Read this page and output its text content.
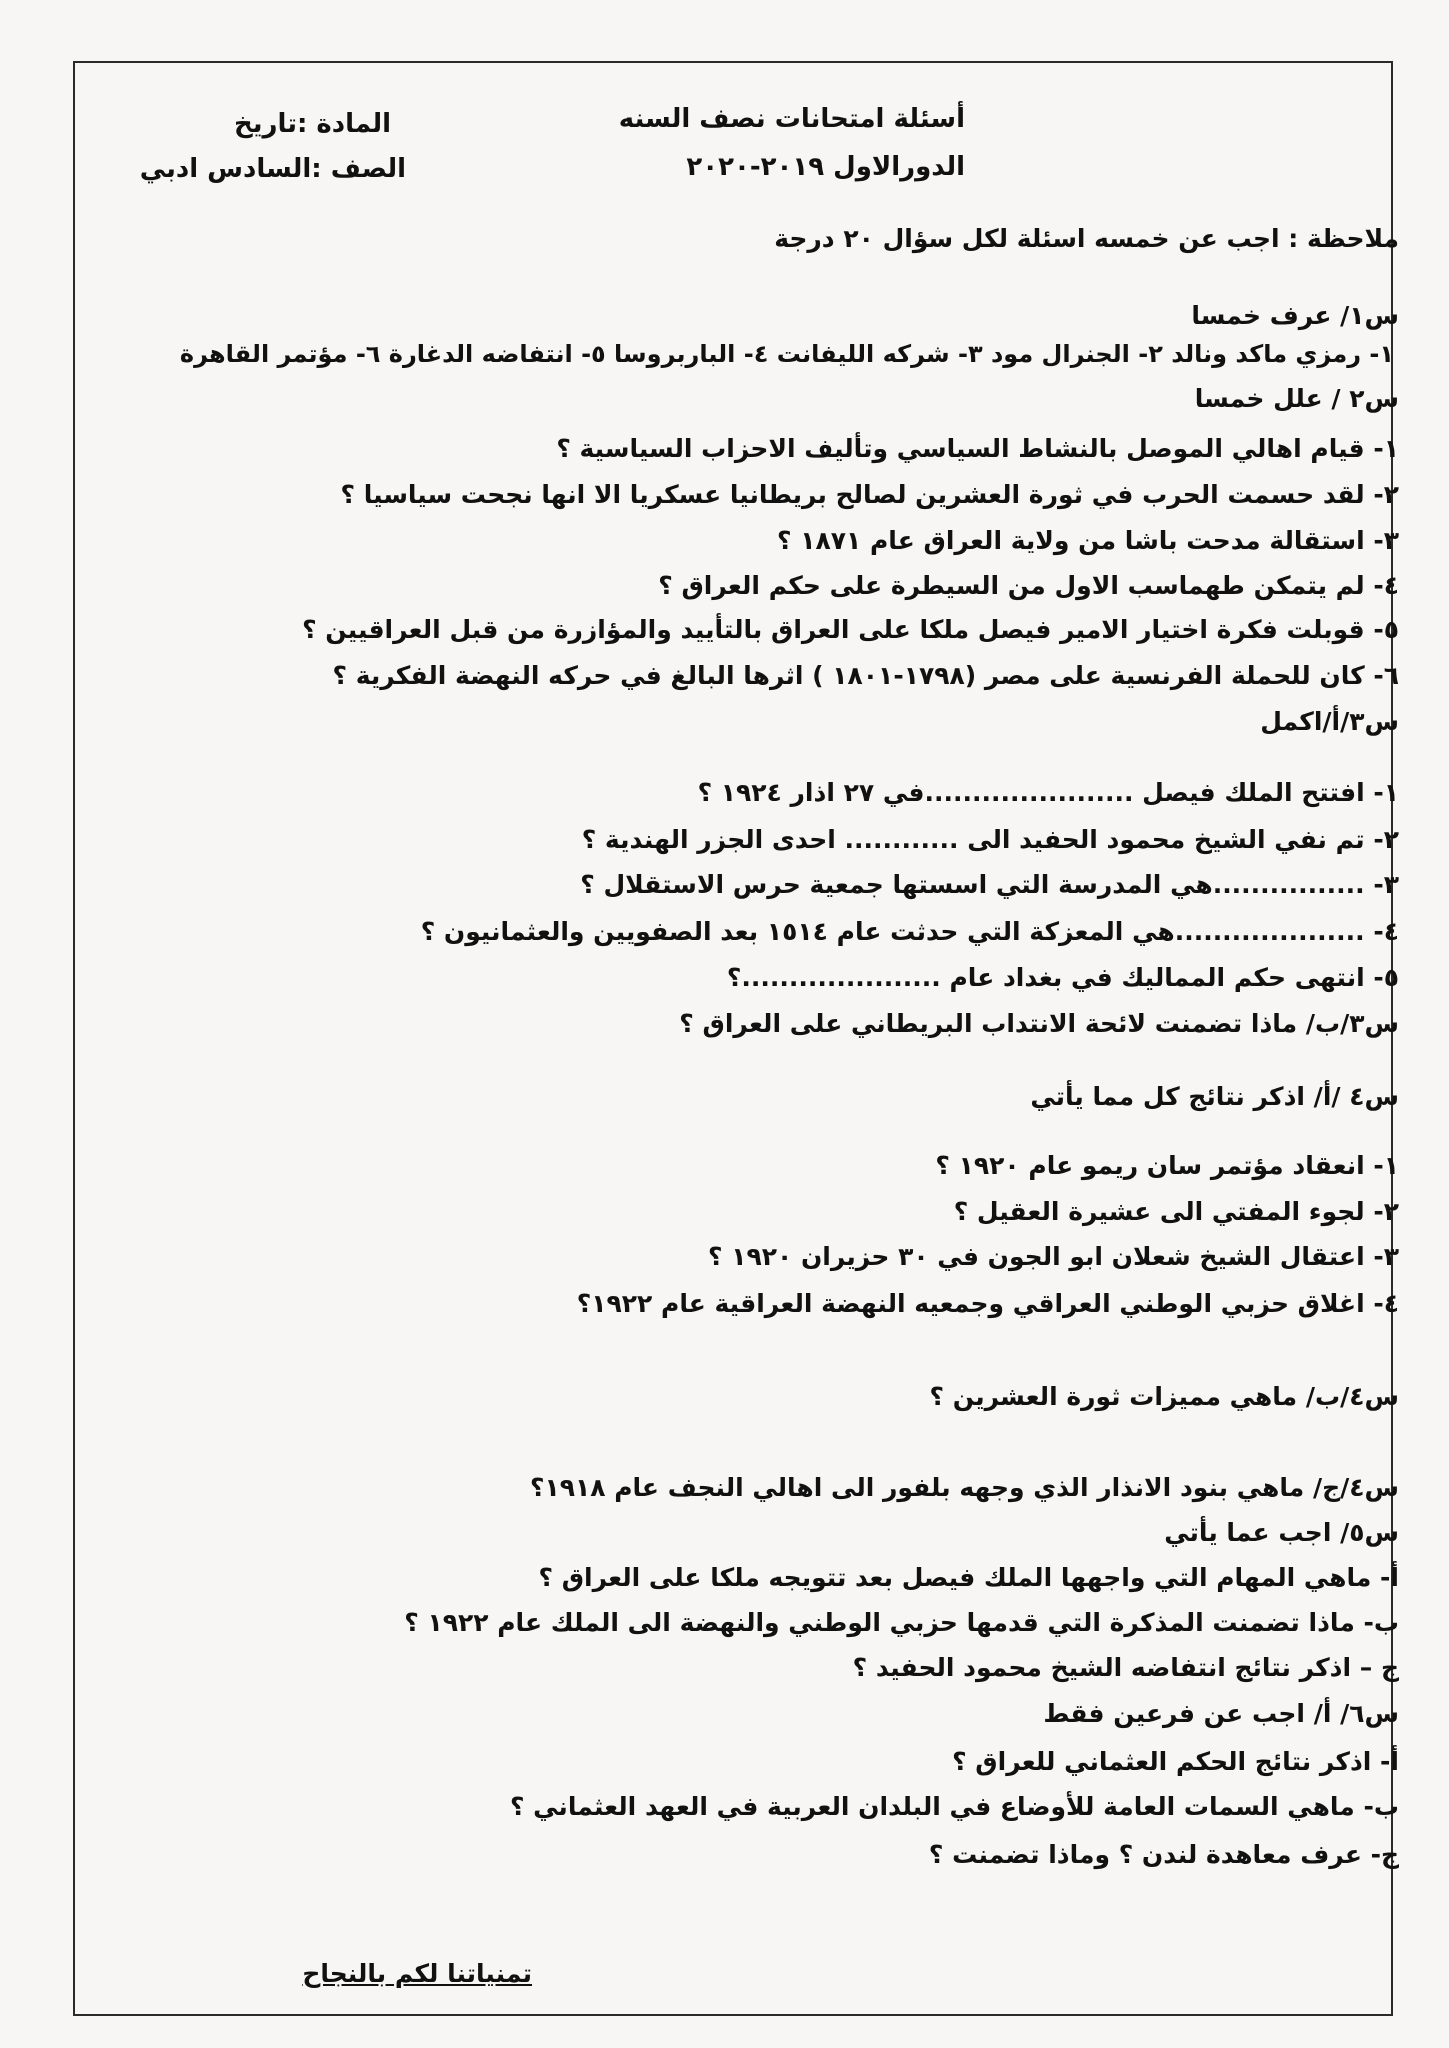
أسئلة امتحانات نصف السنه
الدورالاول ٢٠١٩-٢٠٢٠
المادة :تاريخ
الصف :السادس ادبي
ملاحظة : اجب عن خمسه اسئلة لكل سؤال ٢٠ درجة
س١/ عرف خمسا
١- رمزي ماكد ونالد ٢- الجنرال مود ٣- شركه الليفانت ٤- الباربروسا ٥- انتفاضه الدغارة ٦- مؤتمر القاهرة
س٢ / علل خمسا
١- قيام اهالي الموصل بالنشاط السياسي وتأليف الاحزاب السياسية ؟
٢- لقد حسمت الحرب في ثورة العشرين لصالح بريطانيا عسكريا الا انها نجحت سياسيا ؟
٣- استقالة مدحت باشا من ولاية العراق عام ١٨٧١ ؟
٤- لم يتمكن طهماسب الاول من السيطرة على حكم العراق ؟
٥- قوبلت فكرة اختيار الامير فيصل ملكا على العراق بالتأييد والمؤازرة من قبل العراقيين ؟
٦- كان للحملة الفرنسية على مصر (١٧٩٨-١٨٠١ ) اثرها البالغ في حركه النهضة الفكرية ؟
س٣/أ/اكمل
١- افتتح الملك فيصل ......................في ٢٧ اذار ١٩٢٤ ؟
٢- تم نفي الشيخ محمود الحفيد الى ............ احدى الجزر الهندية ؟
٣- ................هي المدرسة التي اسستها جمعية حرس الاستقلال ؟
٤- ....................هي المعزكة التي حدثت عام ١٥١٤ بعد الصفويين والعثمانيون ؟
٥- انتهى حكم المماليك في بغداد عام .....................؟
س٣/ب/ ماذا تضمنت لائحة الانتداب البريطاني على العراق ؟
س٤ /أ/ اذكر نتائج كل مما يأتي
١- انعقاد مؤتمر سان ريمو عام ١٩٢٠ ؟
٢- لجوء المفتي الى عشيرة العقيل ؟
٣- اعتقال الشيخ شعلان ابو الجون في ٣٠ حزيران ١٩٢٠ ؟
٤- اغلاق حزبي الوطني العراقي وجمعيه النهضة العراقية عام ١٩٢٢؟
س٤/ب/ ماهي مميزات ثورة العشرين ؟
س٤/ج/ ماهي بنود الانذار الذي وجهه بلفور الى اهالي النجف عام ١٩١٨؟
س٥/ اجب عما يأتي
أ- ماهي المهام التي واجهها الملك فيصل بعد تتويجه ملكا على العراق ؟
ب- ماذا تضمنت المذكرة التي قدمها حزبي الوطني والنهضة الى الملك عام ١٩٢٢ ؟
ج – اذكر نتائج انتفاضه الشيخ محمود الحفيد ؟
س٦/ أ/ اجب عن فرعين فقط
أ- اذكر نتائج الحكم العثماني للعراق ؟
ب- ماهي السمات العامة للأوضاع في البلدان العربية في العهد العثماني ؟
ج- عرف معاهدة لندن ؟ وماذا تضمنت ؟
تمنياتنا لكم بالنجاح
